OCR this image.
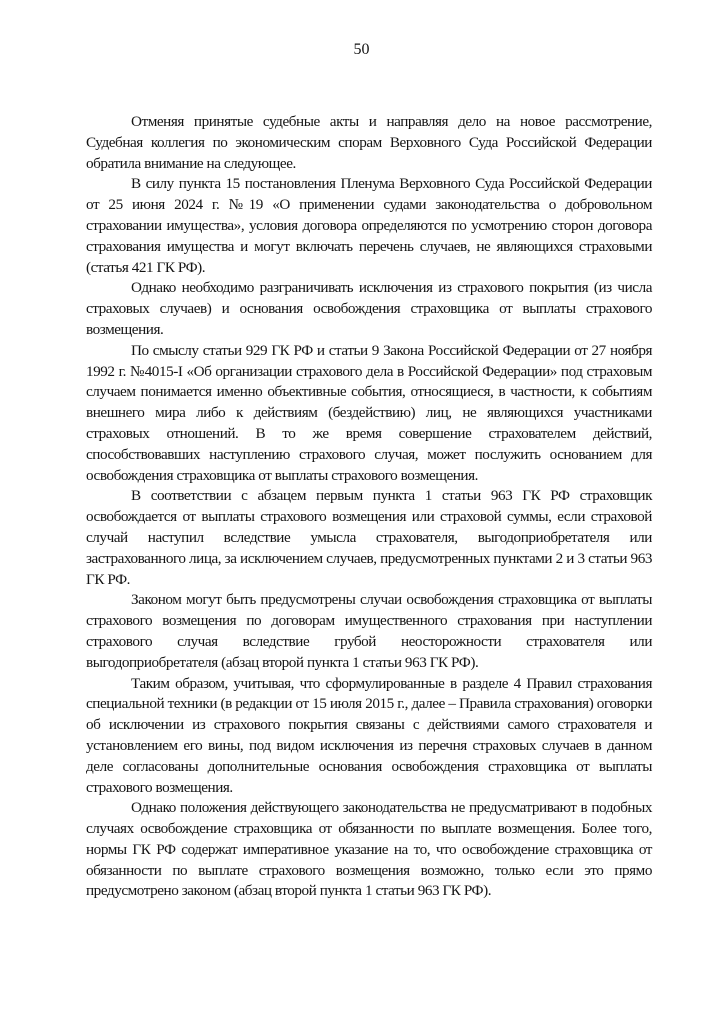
50

Отменяя принятые судебные акты и направляя дело на новое рассмотрение, Судебная коллегия по экономическим спорам Верховного Суда Российской Федерации обратила внимание на следующее.

В силу пункта 15 постановления Пленума Верховного Суда Российской Федерации от 25 июня 2024 г. №19 «О применении судами законодательства о добровольном страховании имущества», условия договора определяются по усмотрению сторон договора страхования имущества и могут включать перечень случаев, не являющихся страховыми (статья 421 ГК РФ).

Однако необходимо разграничивать исключения из страхового покрытия (из числа страховых случаев) и основания освобождения страховщика от выплаты страхового возмещения.

По смыслу статьи 929 ГК РФ и статьи 9 Закона Российской Федерации от 27 ноября 1992 г. №4015-I «Об организации страхового дела в Российской Федерации» под страховым случаем понимается именно объективные события, относящиеся, в частности, к событиям внешнего мира либо к действиям (бездействию) лиц, не являющихся участниками страховых отношений. В то же время совершение страхователем действий, способствовавших наступлению страхового случая, может послужить основанием для освобождения страховщика от выплаты страхового возмещения.

В соответствии с абзацем первым пункта 1 статьи 963 ГК РФ страховщик освобождается от выплаты страхового возмещения или страховой суммы, если страховой случай наступил вследствие умысла страхователя, выгодоприобретателя или застрахованного лица, за исключением случаев, предусмотренных пунктами 2 и 3 статьи 963 ГК РФ.

Законом могут быть предусмотрены случаи освобождения страховщика от выплаты страхового возмещения по договорам имущественного страхования при наступлении страхового случая вследствие грубой неосторожности страхователя или выгодоприобретателя (абзац второй пункта 1 статьи 963 ГК РФ).

Таким образом, учитывая, что сформулированные в разделе 4 Правил страхования специальной техники (в редакции от 15 июля 2015 г., далее – Правила страхования) оговорки об исключении из страхового покрытия связаны с действиями самого страхователя и установлением его вины, под видом исключения из перечня страховых случаев в данном деле согласованы дополнительные основания освобождения страховщика от выплаты страхового возмещения.

Однако положения действующего законодательства не предусматривают в подобных случаях освобождение страховщика от обязанности по выплате возмещения. Более того, нормы ГК РФ содержат императивное указание на то, что освобождение страховщика от обязанности по выплате страхового возмещения возможно, только если это прямо предусмотрено законом (абзац второй пункта 1 статьи 963 ГК РФ).
